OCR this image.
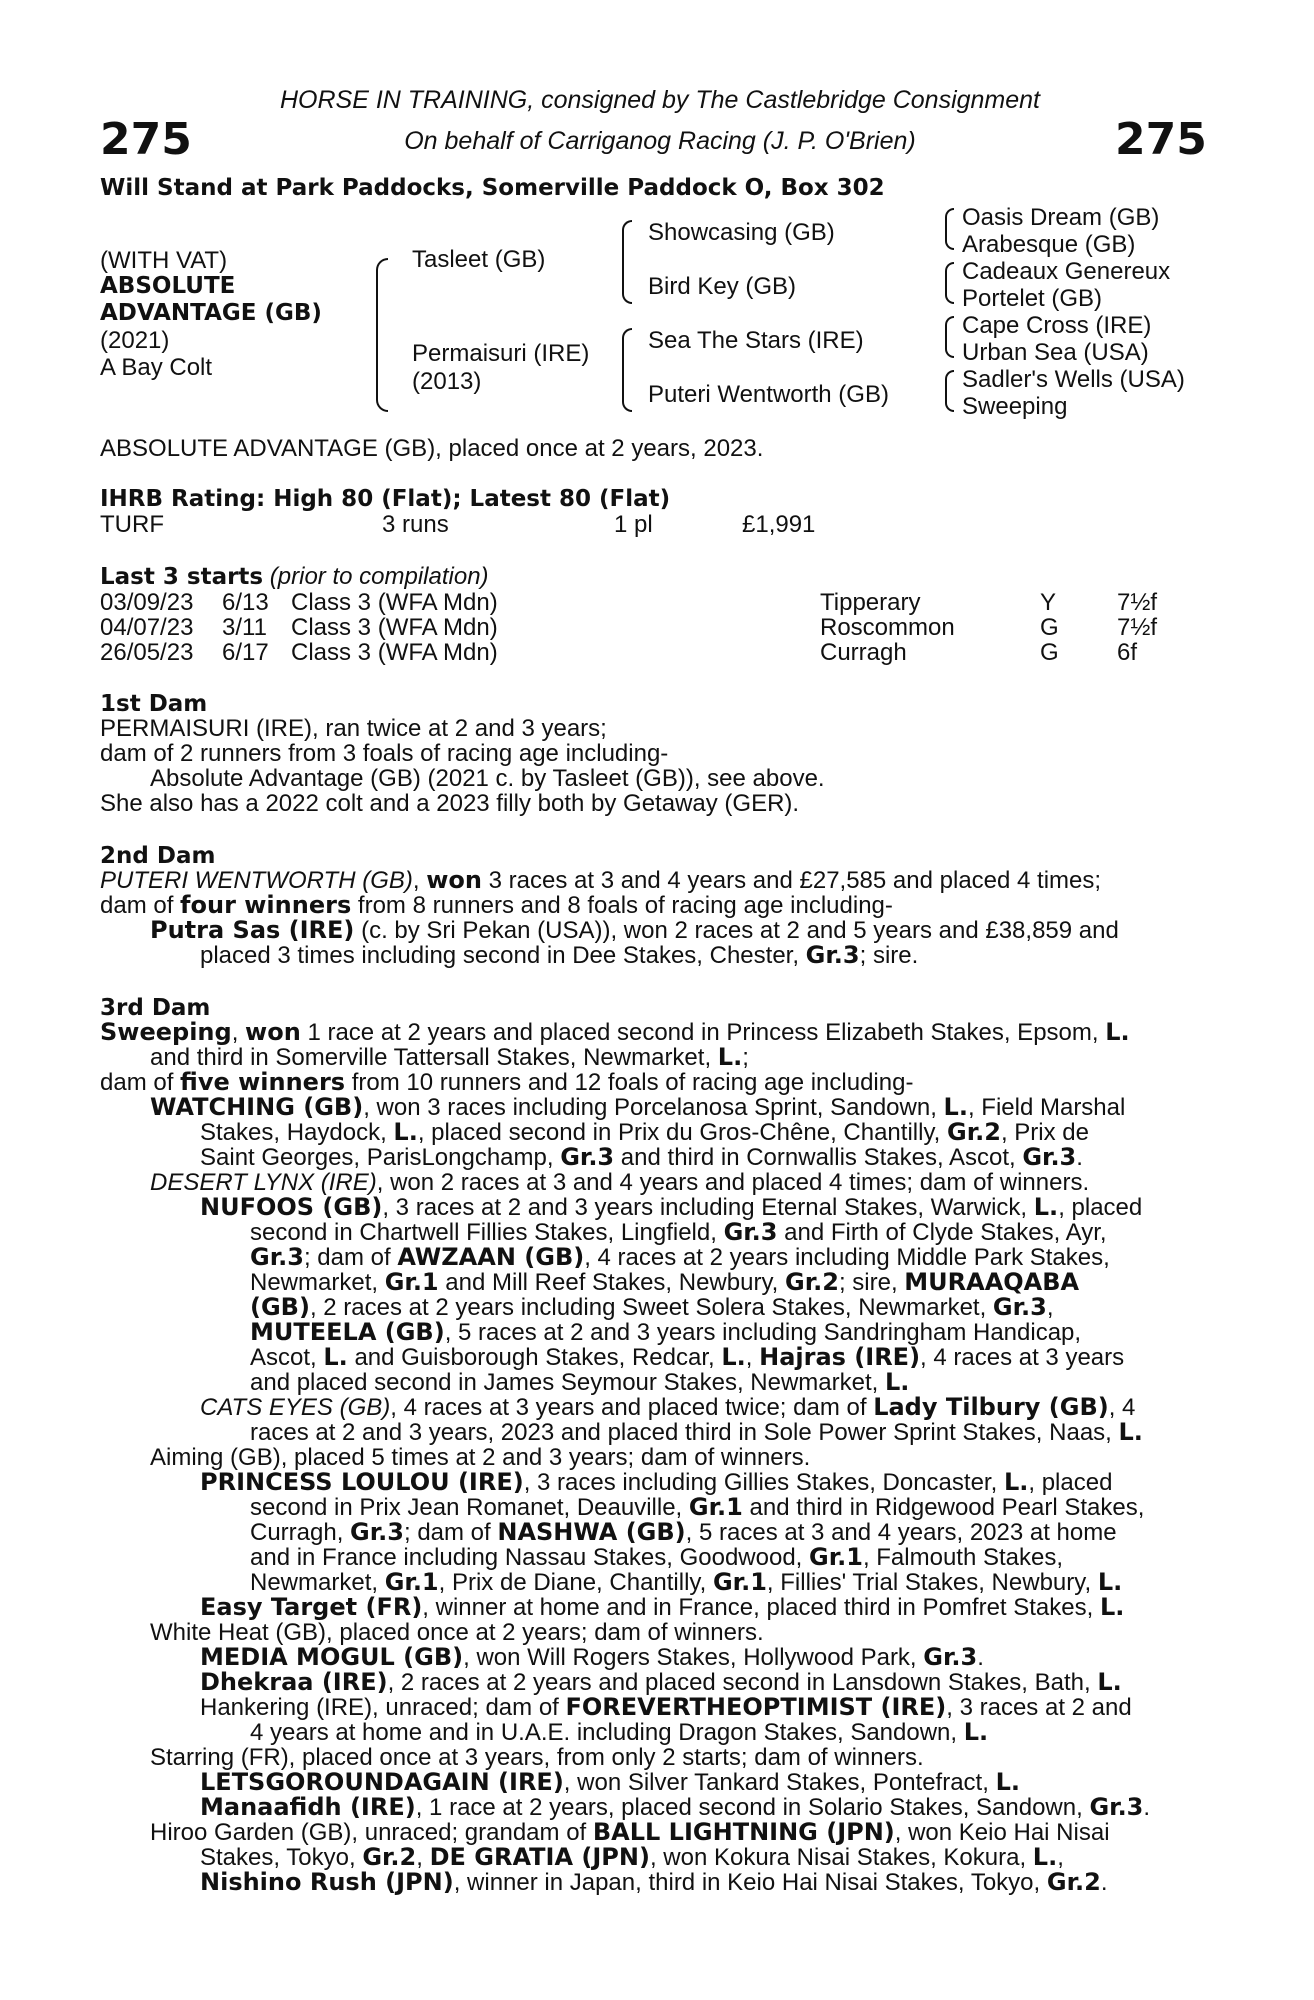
275	275
HORSE IN TRAINING, consigned by The Castlebridge Consignment
On behalf of Carriganog Racing (J. P. O'Brien)
Will Stand at Park Paddocks, Somerville Paddock O, Box 302
(WITH VAT)
ABSOLUTE
ADVANTAGE (GB)
(2021)
A Bay Colt
Tasleet (GB)
Permaisuri (IRE)
(2013)
Showcasing (GB)
Bird Key (GB)
Sea The Stars (IRE)
Puteri Wentworth (GB)
Oasis Dream (GB)
Arabesque (GB)
Cadeaux Genereux
Portelet (GB)
Cape Cross (IRE)
Urban Sea (USA)
Sadler's Wells (USA)
Sweeping
ABSOLUTE ADVANTAGE (GB), placed once at 2 years, 2023.
IHRB Rating: High 80 (Flat); Latest 80 (Flat)
TURF	3 runs	1 pl	£1,991
Last 3 starts (prior to compilation)
03/09/23 6/13 Class 3 (WFA Mdn)	Tipperary	Y	7½f
04/07/23 3/11 Class 3 (WFA Mdn)	Roscommon	G 7½f
26/05/23 6/17 Class 3 (WFA Mdn)	Curragh	G 6f
1st Dam
PERMAISURI (IRE), ran twice at 2 and 3 years;
dam of 2 runners from 3 foals of racing age including-
Absolute Advantage (GB) (2021 c. by Tasleet (GB)), see above.
She also has a 2022 colt and a 2023 filly both by Getaway (GER).
2nd Dam
PUTERI WENTWORTH (GB), won 3 races at 3 and 4 years and £27,585 and placed 4 times;
dam of four winners from 8 runners and 8 foals of racing age including-
Putra Sas (IRE) (c. by Sri Pekan (USA)), won 2 races at 2 and 5 years and £38,859 and
placed 3 times including second in Dee Stakes, Chester, Gr.3; sire.
3rd Dam
Sweeping, won 1 race at 2 years and placed second in Princess Elizabeth Stakes, Epsom, L.
and third in Somerville Tattersall Stakes, Newmarket, L.;
dam of five winners from 10 runners and 12 foals of racing age including-
WATCHING (GB), won 3 races including Porcelanosa Sprint, Sandown, L., Field Marshal
Stakes, Haydock, L., placed second in Prix du Gros-Chêne, Chantilly, Gr.2, Prix de
Saint Georges, ParisLongchamp, Gr.3 and third in Cornwallis Stakes, Ascot, Gr.3.
DESERT LYNX (IRE), won 2 races at 3 and 4 years and placed 4 times; dam of winners.
NUFOOS (GB), 3 races at 2 and 3 years including Eternal Stakes, Warwick, L., placed
second in Chartwell Fillies Stakes, Lingfield, Gr.3 and Firth of Clyde Stakes, Ayr,
Gr.3; dam of AWZAAN (GB), 4 races at 2 years including Middle Park Stakes,
Newmarket, Gr.1 and Mill Reef Stakes, Newbury, Gr.2; sire, MURAAQABA
(GB), 2 races at 2 years including Sweet Solera Stakes, Newmarket, Gr.3,
MUTEELA (GB), 5 races at 2 and 3 years including Sandringham Handicap,
Ascot, L. and Guisborough Stakes, Redcar, L., Hajras (IRE), 4 races at 3 years
and placed second in James Seymour Stakes, Newmarket, L.
CATS EYES (GB), 4 races at 3 years and placed twice; dam of Lady Tilbury (GB), 4
races at 2 and 3 years, 2023 and placed third in Sole Power Sprint Stakes, Naas, L.
Aiming (GB), placed 5 times at 2 and 3 years; dam of winners.
PRINCESS LOULOU (IRE), 3 races including Gillies Stakes, Doncaster, L., placed
second in Prix Jean Romanet, Deauville, Gr.1 and third in Ridgewood Pearl Stakes,
Curragh, Gr.3; dam of NASHWA (GB), 5 races at 3 and 4 years, 2023 at home
and in France including Nassau Stakes, Goodwood, Gr.1, Falmouth Stakes,
Newmarket, Gr.1, Prix de Diane, Chantilly, Gr.1, Fillies' Trial Stakes, Newbury, L.
Easy Target (FR), winner at home and in France, placed third in Pomfret Stakes, L.
White Heat (GB), placed once at 2 years; dam of winners.
MEDIA MOGUL (GB), won Will Rogers Stakes, Hollywood Park, Gr.3.
Dhekraa (IRE), 2 races at 2 years and placed second in Lansdown Stakes, Bath, L.
Hankering (IRE), unraced; dam of FOREVERTHEOPTIMIST (IRE), 3 races at 2 and
4 years at home and in U.A.E. including Dragon Stakes, Sandown, L.
Starring (FR), placed once at 3 years, from only 2 starts; dam of winners.
LETSGOROUNDAGAIN (IRE), won Silver Tankard Stakes, Pontefract, L.
Manaafidh (IRE), 1 race at 2 years, placed second in Solario Stakes, Sandown, Gr.3.
Hiroo Garden (GB), unraced; grandam of BALL LIGHTNING (JPN), won Keio Hai Nisai
Stakes, Tokyo, Gr.2, DE GRATIA (JPN), won Kokura Nisai Stakes, Kokura, L.,
Nishino Rush (JPN), winner in Japan, third in Keio Hai Nisai Stakes, Tokyo, Gr.2.
